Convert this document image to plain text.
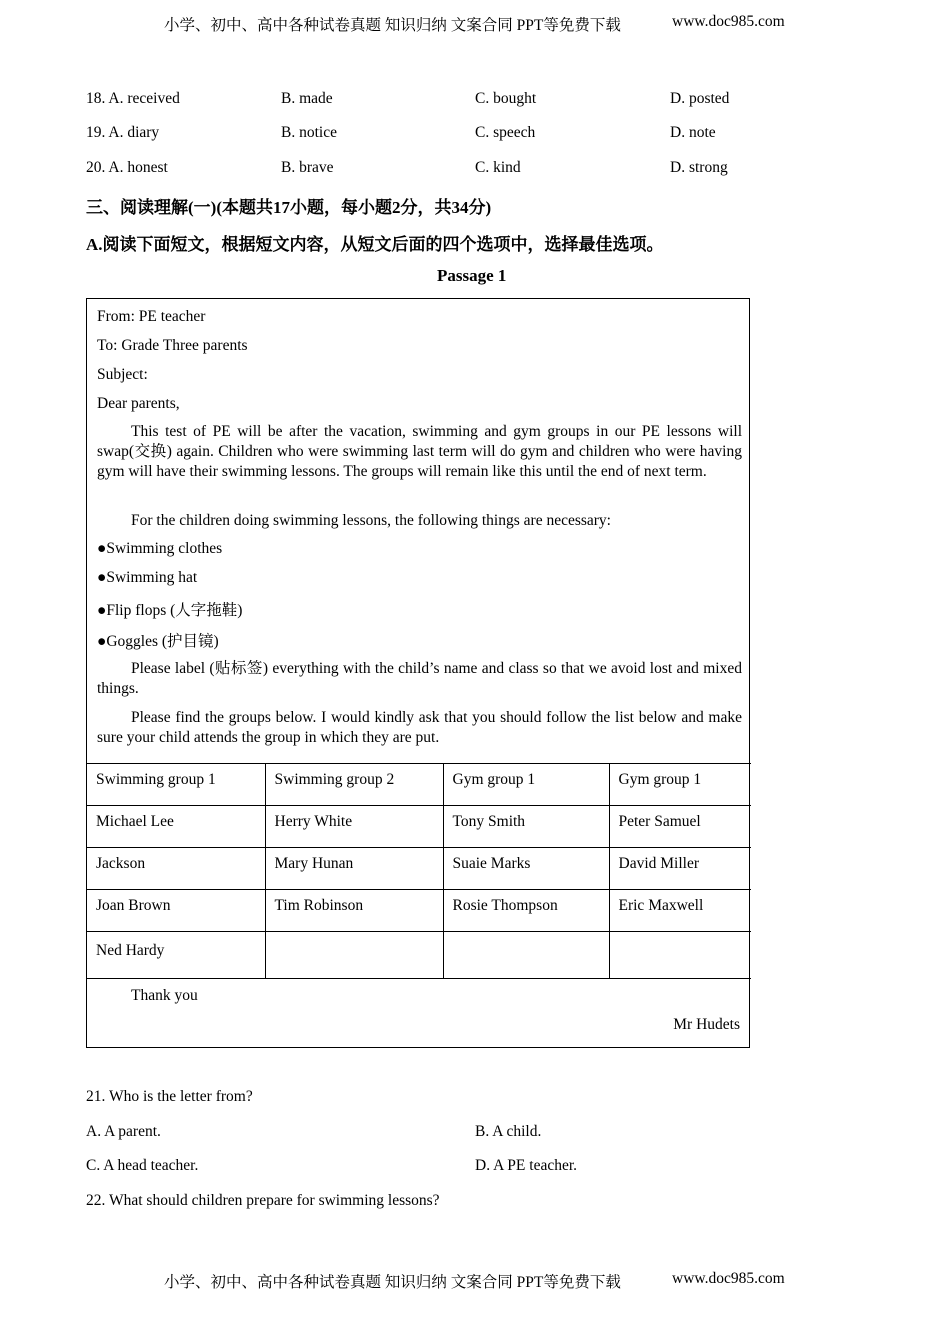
小学、初中、高中各种试卷真题 知识归纳 文案合同 PPT等免费下载	www.doc985.com
18. A. received	B. made	C. bought	D. posted
19. A. diary	B. notice	C. speech	D. note
20. A. honest	B. brave	C. kind	D. strong
三、阅读理解(一)(本题共17小题，每小题2分，共34分)
A.阅读下面短文，根据短文内容，从短文后面的四个选项中，选择最佳选项。
Passage 1
From: PE teacher
To: Grade Three parents
Subject:
Dear parents,
This test of PE will be after the vacation, swimming and gym groups in our PE lessons will swap(交换) again. Children who were swimming last term will do gym and children who were having gym will have their swimming lessons. The groups will remain like this until the end of next term.
For the children doing swimming lessons, the following things are necessary:
●Swimming clothes
●Swimming hat
●Flip flops (人字拖鞋)
●Goggles (护目镜)
Please label (贴标签) everything with the child’s name and class so that we avoid lost and mixed things.
Please find the groups below. I would kindly ask that you should follow the list below and make sure your child attends the group in which they are put.
Swimming group 1	Swimming group 2	Gym group 1	Gym group 1
Michael Lee	Herry White	Tony Smith	Peter Samuel
Jackson	Mary Hunan	Suaie Marks	David Miller
Joan Brown	Tim Robinson	Rosie Thompson	Eric Maxwell
Ned Hardy			
Thank you
Mr Hudets
21. Who is the letter from?
A. A parent.	B. A child.
C. A head teacher.	D. A PE teacher.
22. What should children prepare for swimming lessons?
小学、初中、高中各种试卷真题 知识归纳 文案合同 PPT等免费下载	www.doc985.com
